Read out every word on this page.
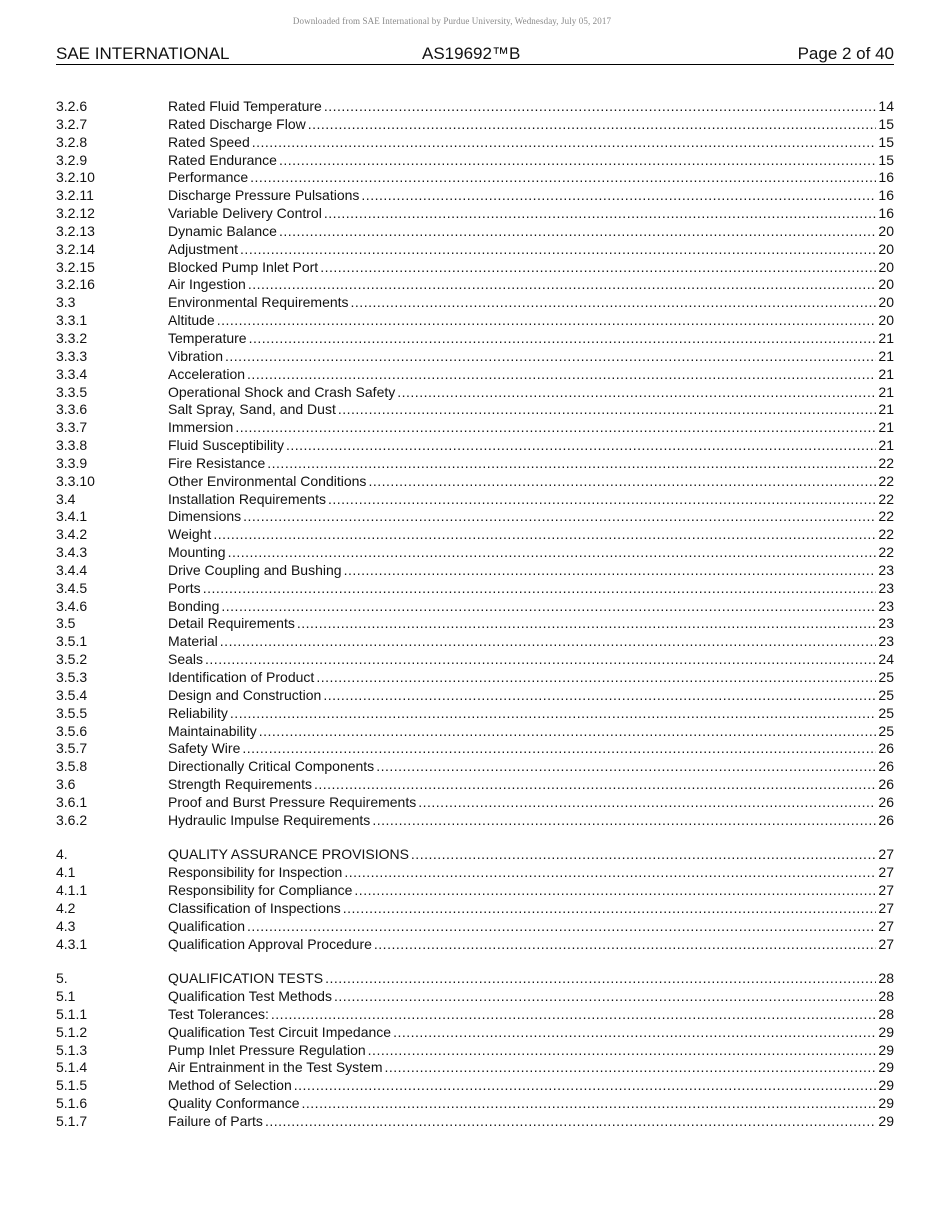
Downloaded from SAE International by Purdue University, Wednesday, July 05, 2017
SAE INTERNATIONAL	AS19692™B	Page 2 of 40
3.2.6	Rated Fluid Temperature .....	14
3.2.7	Rated Discharge Flow .....	15
3.2.8	Rated Speed .....	15
3.2.9	Rated Endurance .....	15
3.2.10	Performance .....	16
3.2.11	Discharge Pressure Pulsations .....	16
3.2.12	Variable Delivery Control .....	16
3.2.13	Dynamic Balance .....	20
3.2.14	Adjustment .....	20
3.2.15	Blocked Pump Inlet Port .....	20
3.2.16	Air Ingestion .....	20
3.3	Environmental Requirements .....	20
3.3.1	Altitude .....	20
3.3.2	Temperature .....	21
3.3.3	Vibration .....	21
3.3.4	Acceleration .....	21
3.3.5	Operational Shock and Crash Safety .....	21
3.3.6	Salt Spray, Sand, and Dust .....	21
3.3.7	Immersion .....	21
3.3.8	Fluid Susceptibility .....	21
3.3.9	Fire Resistance .....	22
3.3.10	Other Environmental Conditions .....	22
3.4	Installation Requirements .....	22
3.4.1	Dimensions .....	22
3.4.2	Weight .....	22
3.4.3	Mounting .....	22
3.4.4	Drive Coupling and Bushing .....	23
3.4.5	Ports .....	23
3.4.6	Bonding .....	23
3.5	Detail Requirements .....	23
3.5.1	Material .....	23
3.5.2	Seals .....	24
3.5.3	Identification of Product .....	25
3.5.4	Design and Construction .....	25
3.5.5	Reliability .....	25
3.5.6	Maintainability .....	25
3.5.7	Safety Wire .....	26
3.5.8	Directionally Critical Components .....	26
3.6	Strength Requirements .....	26
3.6.1	Proof and Burst Pressure Requirements .....	26
3.6.2	Hydraulic Impulse Requirements .....	26
4.	QUALITY ASSURANCE PROVISIONS .....	27
4.1	Responsibility for Inspection .....	27
4.1.1	Responsibility for Compliance .....	27
4.2	Classification of Inspections .....	27
4.3	Qualification .....	27
4.3.1	Qualification Approval Procedure .....	27
5.	QUALIFICATION TESTS .....	28
5.1	Qualification Test Methods .....	28
5.1.1	Test Tolerances: .....	28
5.1.2	Qualification Test Circuit Impedance .....	29
5.1.3	Pump Inlet Pressure Regulation .....	29
5.1.4	Air Entrainment in the Test System .....	29
5.1.5	Method of Selection .....	29
5.1.6	Quality Conformance .....	29
5.1.7	Failure of Parts .....	29
